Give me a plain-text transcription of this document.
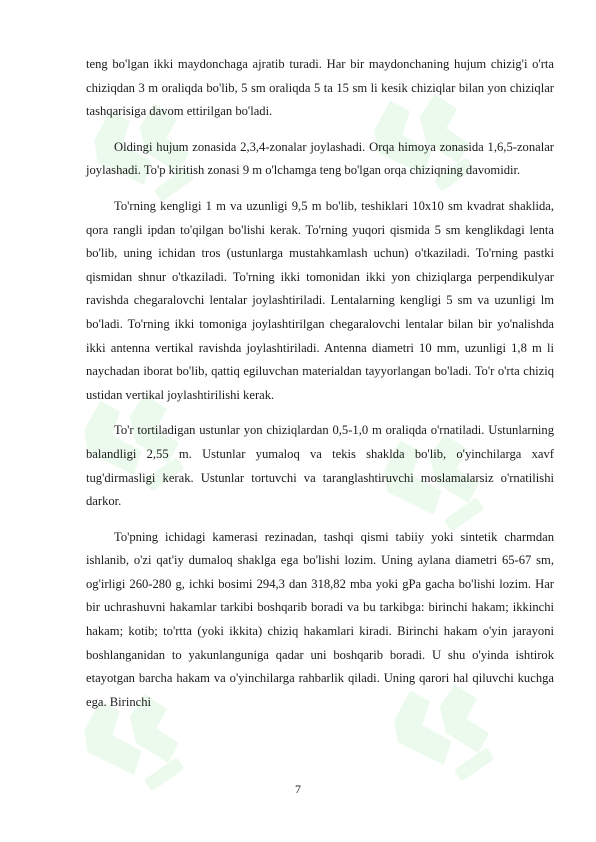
teng bo'lgan ikki maydonchaga ajratib turadi. Har bir maydonchaning hujum chizig'i o'rta chiziqdan 3 m oraliqda bo'lib, 5 sm oraliqda 5 ta 15 sm li kesik chiziqlar bilan yon chiziqlar tashqarisiga davom ettirilgan bo'ladi.

Oldingi hujum zonasida 2,3,4-zonalar joylashadi. Orqa himoya zonasida 1,6,5-zonalar joylashadi. To'p kiritish zonasi 9 m o'lchamga teng bo'lgan orqa chiziqning davomidir.

To'rning kengligi 1 m va uzunligi 9,5 m bo'lib, teshiklari 10x10 sm kvadrat shaklida, qora rangli ipdan to'qilgan bo'lishi kerak. To'rning yuqori qismida 5 sm kenglikdagi lenta bo'lib, uning ichidan tros (ustunlarga mustahkamlash uchun) o'tkaziladi. To'rning pastki qismidan shnur o'tkaziladi. To'rning ikki tomonidan ikki yon chiziqlarga perpendikulyar ravishda chegaralovchi lentalar joylashtiriladi. Lentalarning kengligi 5 sm va uzunligi lm bo'ladi. To'rning ikki tomoniga joylashtirilgan chegaralovchi lentalar bilan bir yo'nalishda ikki antenna vertikal ravishda joylashtiriladi. Antenna diametri 10 mm, uzunligi 1,8 m li naychadan iborat bo'lib, qattiq egiluvchan materialdan tayyorlangan bo'ladi. To'r o'rta chiziq ustidan vertikal joylashtirilishi kerak.

To'r tortiladigan ustunlar yon chiziqlardan 0,5-1,0 m oraliqda o'rnatiladi. Ustunlarning balandligi 2,55 m. Ustunlar yumaloq va tekis shaklda bo'lib, o'yinchilarga xavf tug'dirmasligi kerak. Ustunlar tortuvchi va taranglashtiruvchi moslamalarsiz o'rnatilishi darkor.

To'pning ichidagi kamerasi rezinadan, tashqi qismi tabiiy yoki sintetik charmdan ishlanib, o'zi qat'iy dumaloq shaklga ega bo'lishi lozim. Uning aylana diametri 65-67 sm, og'irligi 260-280 g, ichki bosimi 294,3 dan 318,82 mba yoki gPa gacha bo'lishi lozim. Har bir uchrashuvni hakamlar tarkibi boshqarib boradi va bu tarkibga: birinchi hakam; ikkinchi hakam; kotib; to'rtta (yoki ikkita) chiziq hakamlari kiradi. Birinchi hakam o'yin jarayoni boshlanganidan to yakunlanguniga qadar uni boshqarib boradi. U shu o'yinda ishtirok etayotgan barcha hakam va o'yinchilarga rahbarlik qiladi. Uning qarori hal qiluvchi kuchga ega. Birinchi

7
